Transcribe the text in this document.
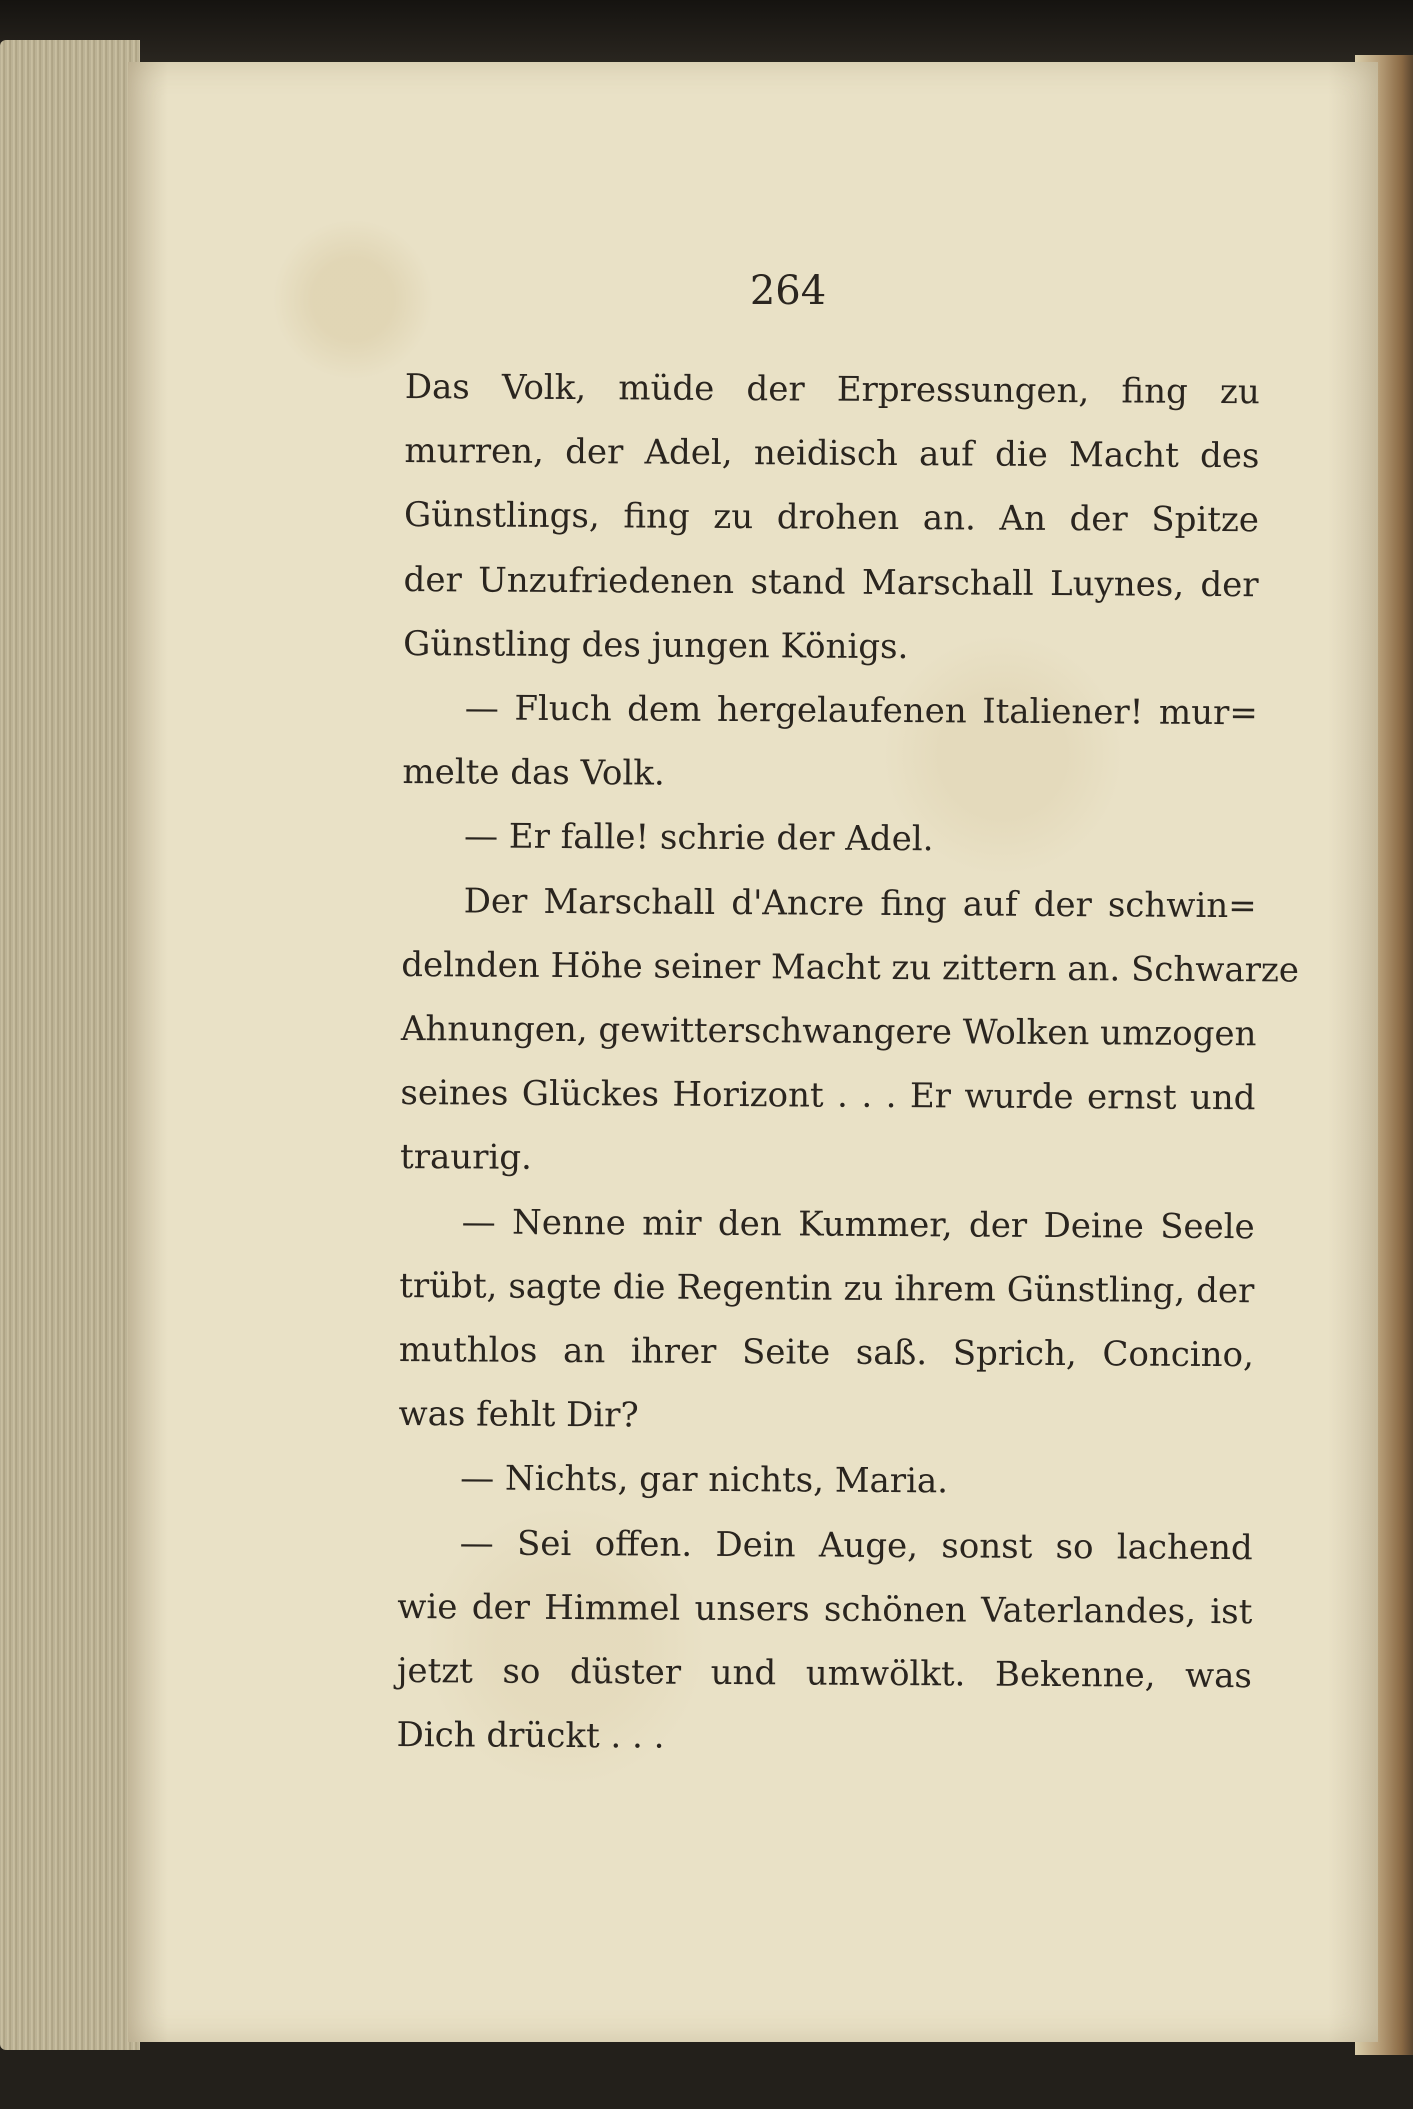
264
Das Volk, müde der Erpressungen, fing zu
murren, der Adel, neidisch auf die Macht des
Günstlings, fing zu drohen an. An der Spitze
der Unzufriedenen stand Marschall Luynes, der
Günstling des jungen Königs.
— Fluch dem hergelaufenen Italiener! mur=
melte das Volk.
— Er falle! schrie der Adel.
Der Marschall d'Ancre fing auf der schwin=
delnden Höhe seiner Macht zu zittern an. Schwarze
Ahnungen, gewitterschwangere Wolken umzogen
seines Glückes Horizont . . . Er wurde ernst und
traurig.
— Nenne mir den Kummer, der Deine Seele
trübt, sagte die Regentin zu ihrem Günstling, der
muthlos an ihrer Seite saß. Sprich, Concino,
was fehlt Dir?
— Nichts, gar nichts, Maria.
— Sei offen. Dein Auge, sonst so lachend
wie der Himmel unsers schönen Vaterlandes, ist
jetzt so düster und umwölkt. Bekenne, was
Dich drückt . . .
